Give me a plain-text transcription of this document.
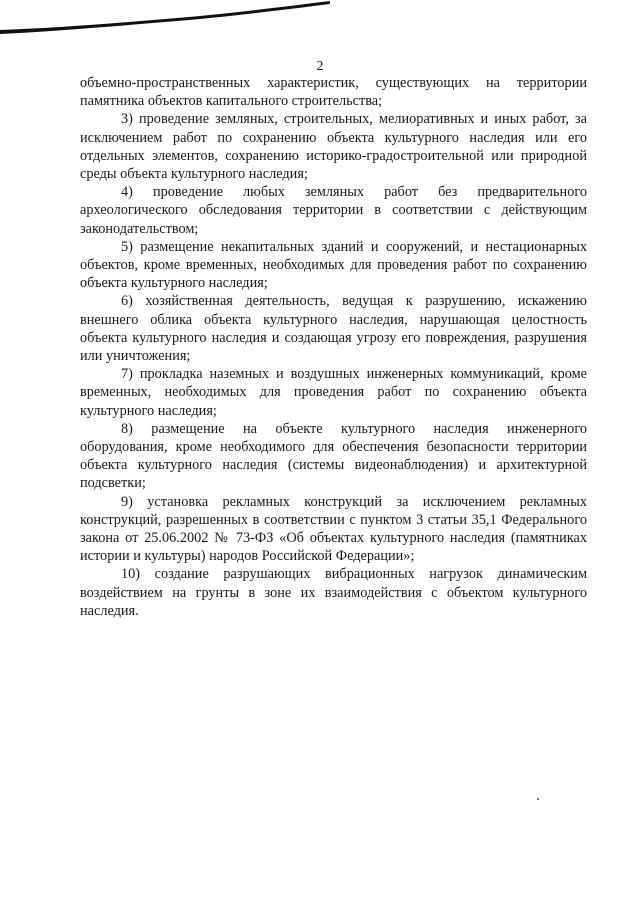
2

объемно-пространственных характеристик, существующих на территории памятника объектов капитального строительства;

3) проведение земляных, строительных, мелиоративных и иных работ, за исключением работ по сохранению объекта культурного наследия или его отдельных элементов, сохранению историко-градостроительной или природной среды объекта культурного наследия;

4) проведение любых земляных работ без предварительного археологического обследования территории в соответствии с действующим законодательством;

5) размещение некапитальных зданий и сооружений, и нестационарных объектов, кроме временных, необходимых для проведения работ по сохранению объекта культурного наследия;

6) хозяйственная деятельность, ведущая к разрушению, искажению внешнего облика объекта культурного наследия, нарушающая целостность объекта культурного наследия и создающая угрозу его повреждения, разрушения или уничтожения;

7) прокладка наземных и воздушных инженерных коммуникаций, кроме временных, необходимых для проведения работ по сохранению объекта культурного наследия;

8) размещение на объекте культурного наследия инженерного оборудования, кроме необходимого для обеспечения безопасности территории объекта культурного наследия (системы видеонаблюдения) и архитектурной подсветки;

9) установка рекламных конструкций за исключением рекламных конструкций, разрешенных в соответствии с пунктом 3 статьи 35,1 Федерального закона от 25.06.2002 № 73-ФЗ «Об объектах культурного наследия (памятниках истории и культуры) народов Российской Федерации»;

10) создание разрушающих вибрационных нагрузок динамическим воздействием на грунты в зоне их взаимодействия с объектом культурного наследия.
